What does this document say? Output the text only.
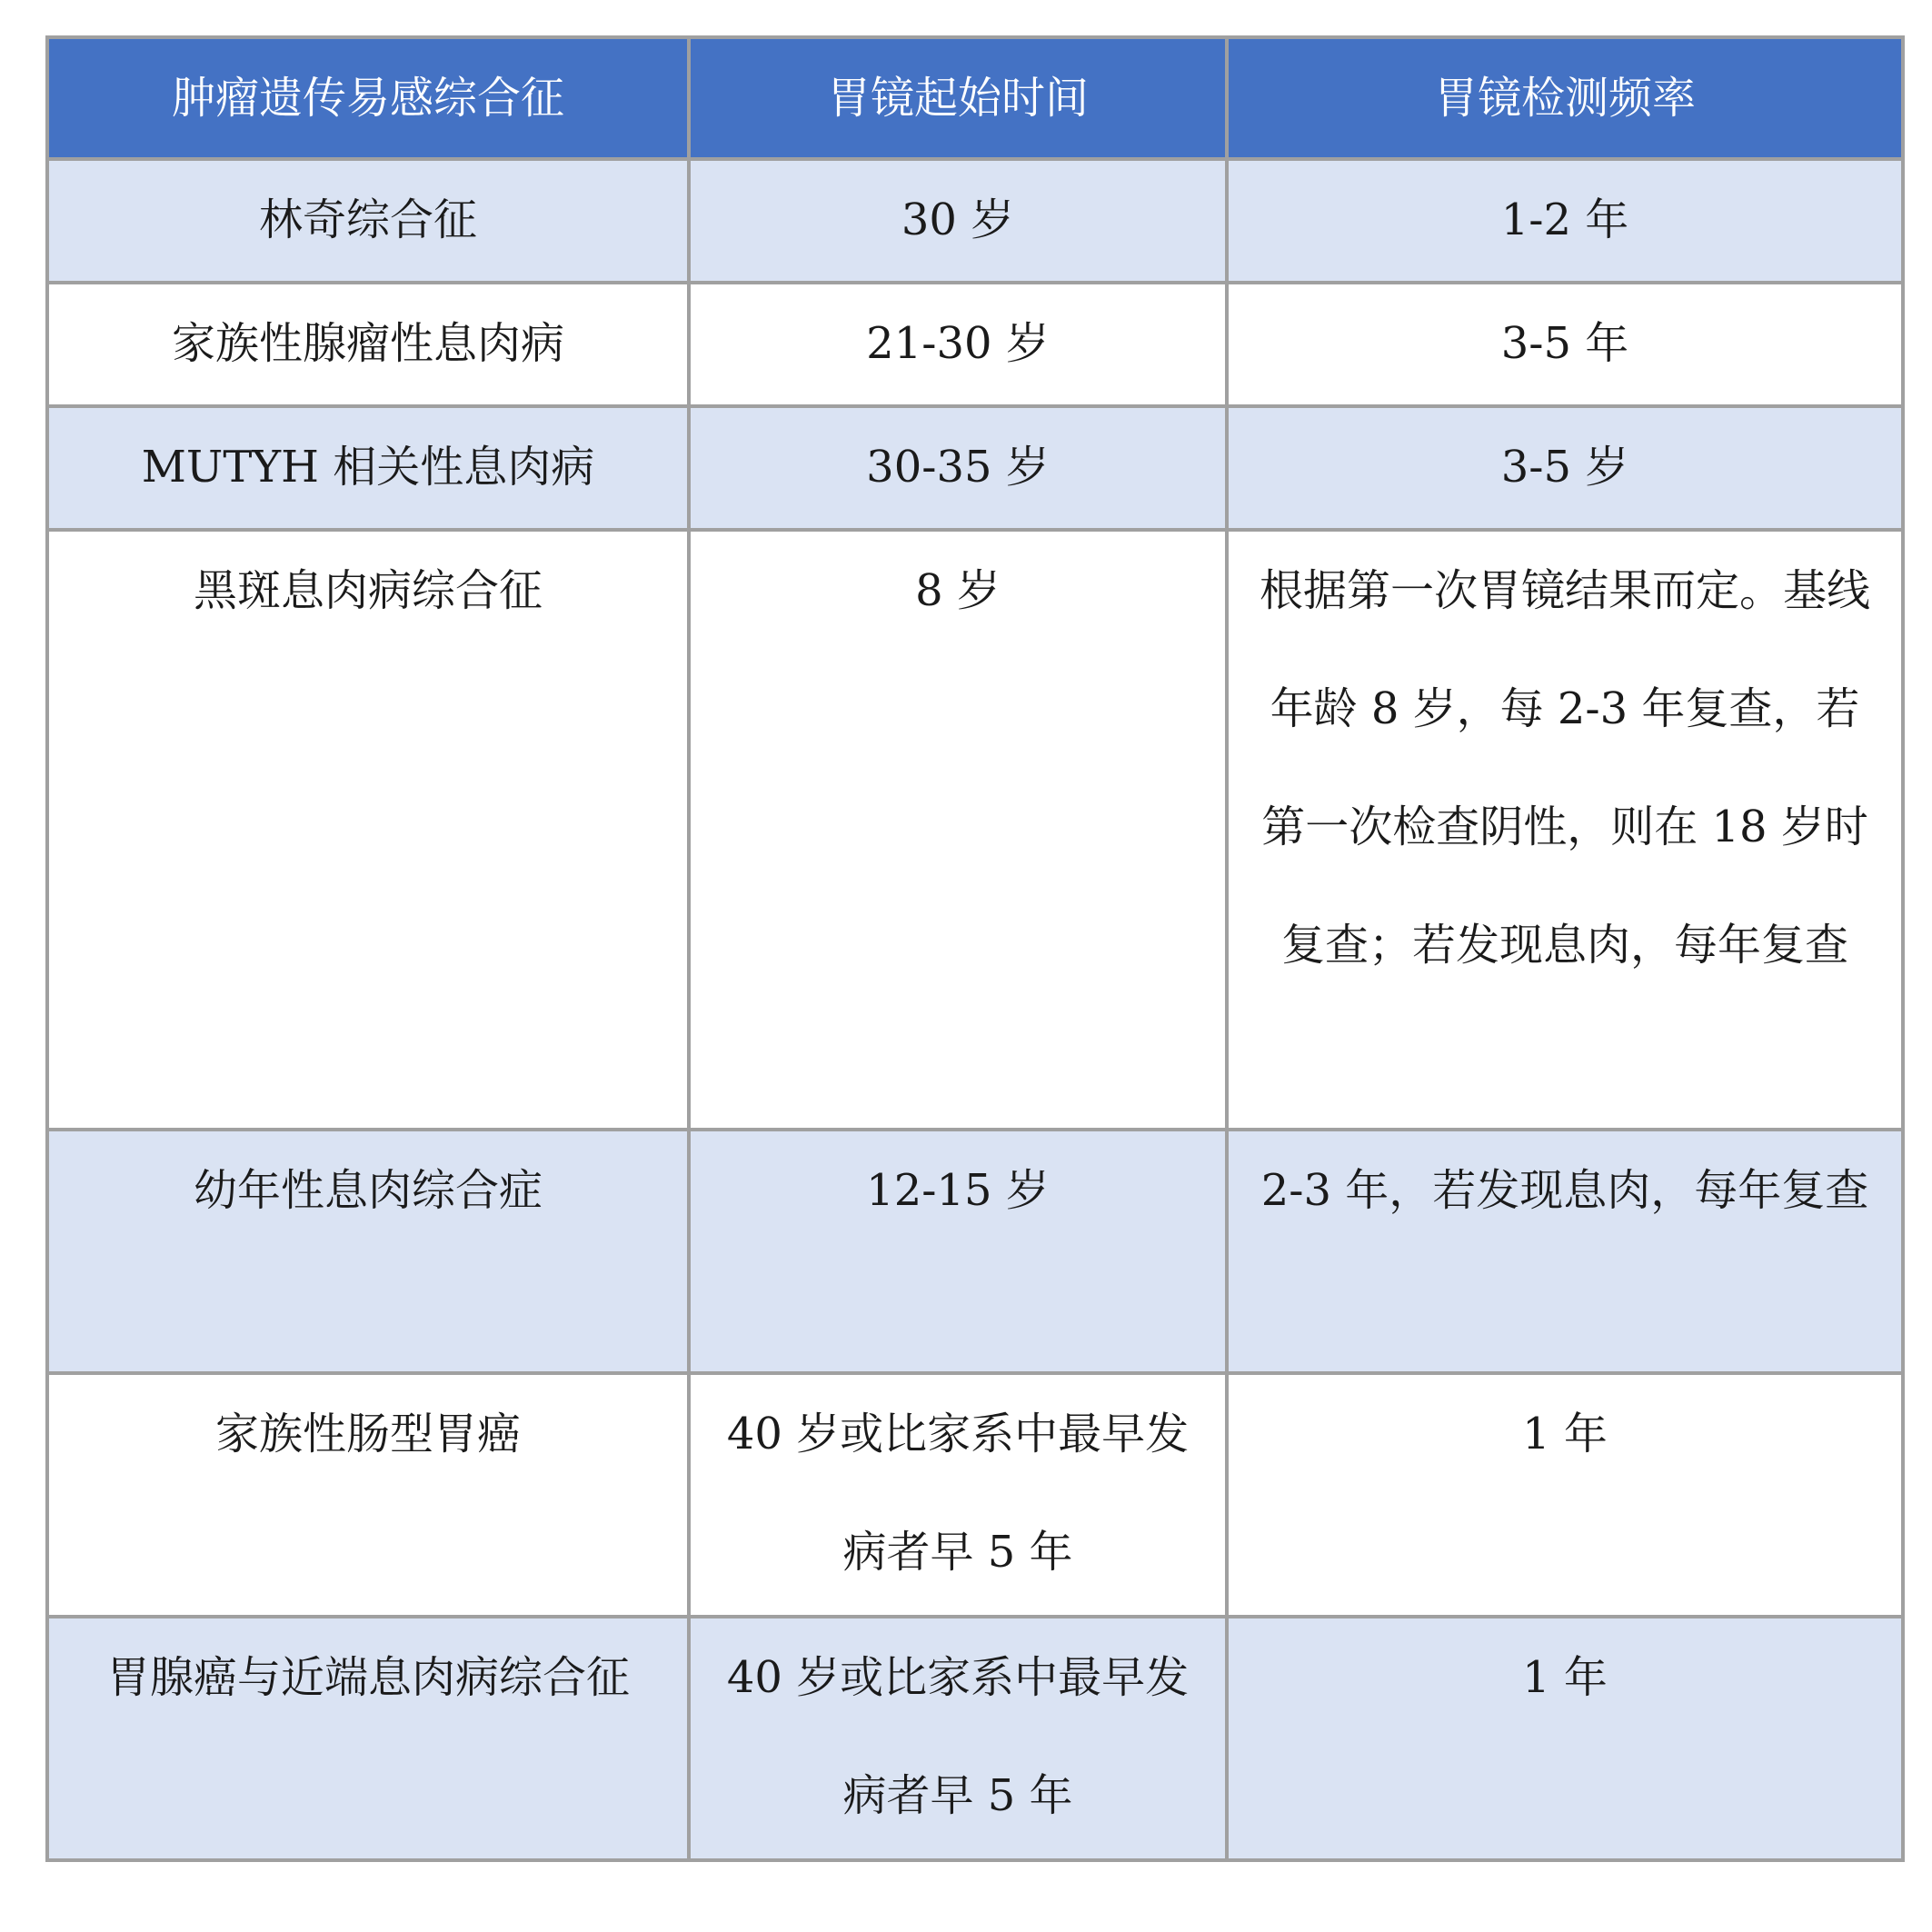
肿瘤遗传易感综合征	胃镜起始时间	胃镜检测频率
林奇综合征	30 岁	1-2 年
家族性腺瘤性息肉病	21-30 岁	3-5 年
MUTYH 相关性息肉病	30-35 岁	3-5 岁
黑斑息肉病综合征	8 岁	根据第一次胃镜结果而定。基线年龄 8 岁，每 2-3 年复查，若第一次检查阴性，则在 18 岁时复查；若发现息肉，每年复查
幼年性息肉综合症	12-15 岁	2-3 年，若发现息肉，每年复查
家族性肠型胃癌	40 岁或比家系中最早发病者早 5 年	1 年
胃腺癌与近端息肉病综合征	40 岁或比家系中最早发病者早 5 年	1 年
